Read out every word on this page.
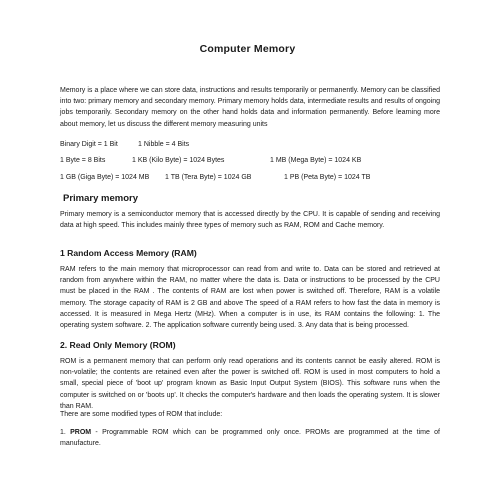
Computer Memory

Memory is a place where we can store data, instructions and results temporarily or permanently. Memory can be classified into two: primary memory and secondary memory. Primary memory holds data, intermediate results and results of ongoing jobs temporarily. Secondary memory on the other hand holds data and information permanently. Before learning more about memory, let us discuss the different memory measuring units

Binary Digit = 1 Bit	1 Nibble = 4 Bits
1 Byte = 8 Bits	1 KB (Kilo Byte) = 1024 Bytes	1 MB (Mega Byte) = 1024 KB
1 GB (Giga Byte) = 1024 MB 1 TB (Tera Byte) = 1024 GB	1 PB (Peta Byte) = 1024 TB
Primary memory

Primary memory is a semiconductor memory that is accessed directly by the CPU. It is capable of sending and receiving data at high speed. This includes mainly three types of memory such as RAM, ROM and Cache memory.

1 Random Access Memory (RAM)

RAM refers to the main memory that microprocessor can read from and write to. Data can be stored and retrieved at random from anywhere within the RAM, no matter where the data is. Data or instructions to be processed by the CPU must be placed in the RAM . The contents of RAM are lost when power is switched off. Therefore, RAM is a volatile memory. The storage capacity of RAM is 2 GB and above The speed of a RAM refers to how fast the data in memory is accessed. It is measured in Mega Hertz (MHz). When a computer is in use, its RAM contains the following: 1. The operating system software. 2. The application software currently being used. 3. Any data that is being processed.

2. Read Only Memory (ROM)

ROM is a permanent memory that can perform only read operations and its contents cannot be easily altered. ROM is non-volatile; the contents are retained even after the power is switched off. ROM is used in most computers to hold a small, special piece of 'boot up' program known as Basic Input Output System (BIOS). This software runs when the computer is switched on or 'boots up'. It checks the computer's hardware and then loads the operating system. It is slower than RAM.

There are some modified types of ROM that include:

1. PROM - Programmable ROM which can be programmed only once. PROMs are programmed at the time of manufacture.
